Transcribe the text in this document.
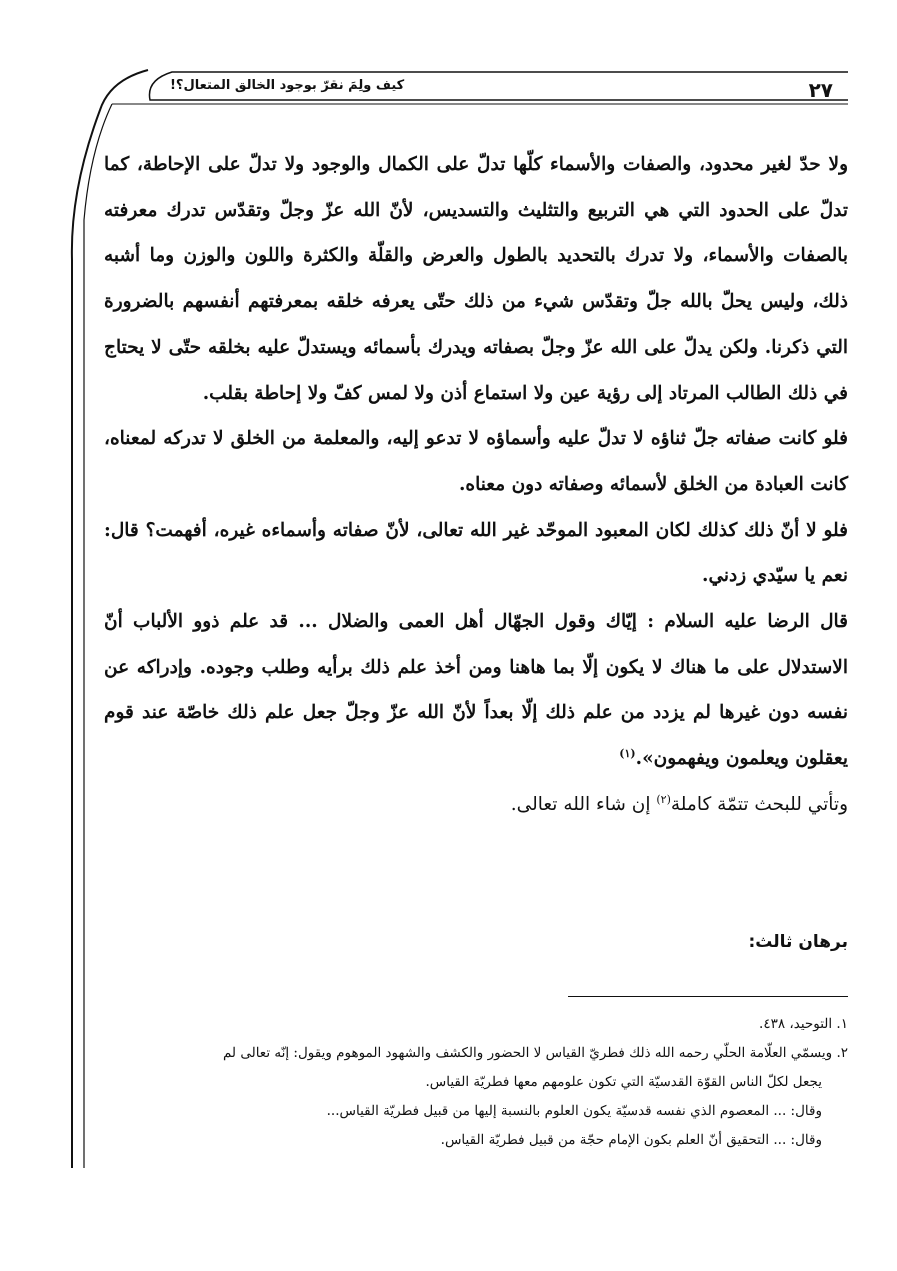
٢٧
كيف ولِمَ نقرّ بوجود الخالق المتعال؟!

ولا حدّ لغير محدود، والصفات والأسماء كلّها تدلّ على الكمال والوجود ولا تدلّ على الإحاطة، كما تدلّ على الحدود التي هي التربيع والتثليث والتسديس، لأنّ الله عزّ وجلّ وتقدّس تدرك معرفته بالصفات والأسماء، ولا تدرك بالتحديد بالطول والعرض والقلّة والكثرة واللون والوزن وما أشبه ذلك، وليس يحلّ بالله جلّ وتقدّس شيء من ذلك حتّى يعرفه خلقه بمعرفتهم أنفسهم بالضرورة التي ذكرنا. ولكن يدلّ على الله عزّ وجلّ بصفاته ويدرك بأسمائه ويستدلّ عليه بخلقه حتّى لا يحتاج في ذلك الطالب المرتاد إلى رؤية عين ولا استماع أذن ولا لمس كفّ ولا إحاطة بقلب.

فلو كانت صفاته جلّ ثناؤه لا تدلّ عليه وأسماؤه لا تدعو إليه، والمعلمة من الخلق لا تدركه لمعناه، كانت العبادة من الخلق لأسمائه وصفاته دون معناه.

فلو لا أنّ ذلك كذلك لكان المعبود الموحّد غير الله تعالى، لأنّ صفاته وأسماءه غيره، أفهمت؟ قال: نعم يا سيّدي زدني.

قال الرضا عليه السلام : إيّاك وقول الجهّال أهل العمى والضلال ... قد علم ذوو الألباب أنّ الاستدلال على ما هناك لا يكون إلّا بما هاهنا ومن أخذ علم ذلك برأيه وطلب وجوده. وإدراكه عن نفسه دون غيرها لم يزدد من علم ذلك إلّا بعداً لأنّ الله عزّ وجلّ جعل علم ذلك خاصّة عند قوم يعقلون ويعلمون ويفهمون».$^{(١)}$

وتأتي للبحث تتمّة كاملة$^{(٢)}$ إن شاء الله تعالى.

برهان ثالث:

١. التوحيد، ٤٣٨.

٢. ويسمّي العلّامة الحلّي رحمه الله ذلك فطريّ القياس لا الحضور والكشف والشهود الموهوم ويقول: إنّه تعالى لم

يجعل لكلّ الناس القوّة القدسيّة التي تكون علومهم معها فطريّة القياس.

وقال: ... المعصوم الذي نفسه قدسيّة يكون العلوم بالنسبة إليها من قبيل فطريّة القياس...

وقال: ... التحقيق أنّ العلم بكون الإمام حجّة من قبيل فطريّة القياس.
